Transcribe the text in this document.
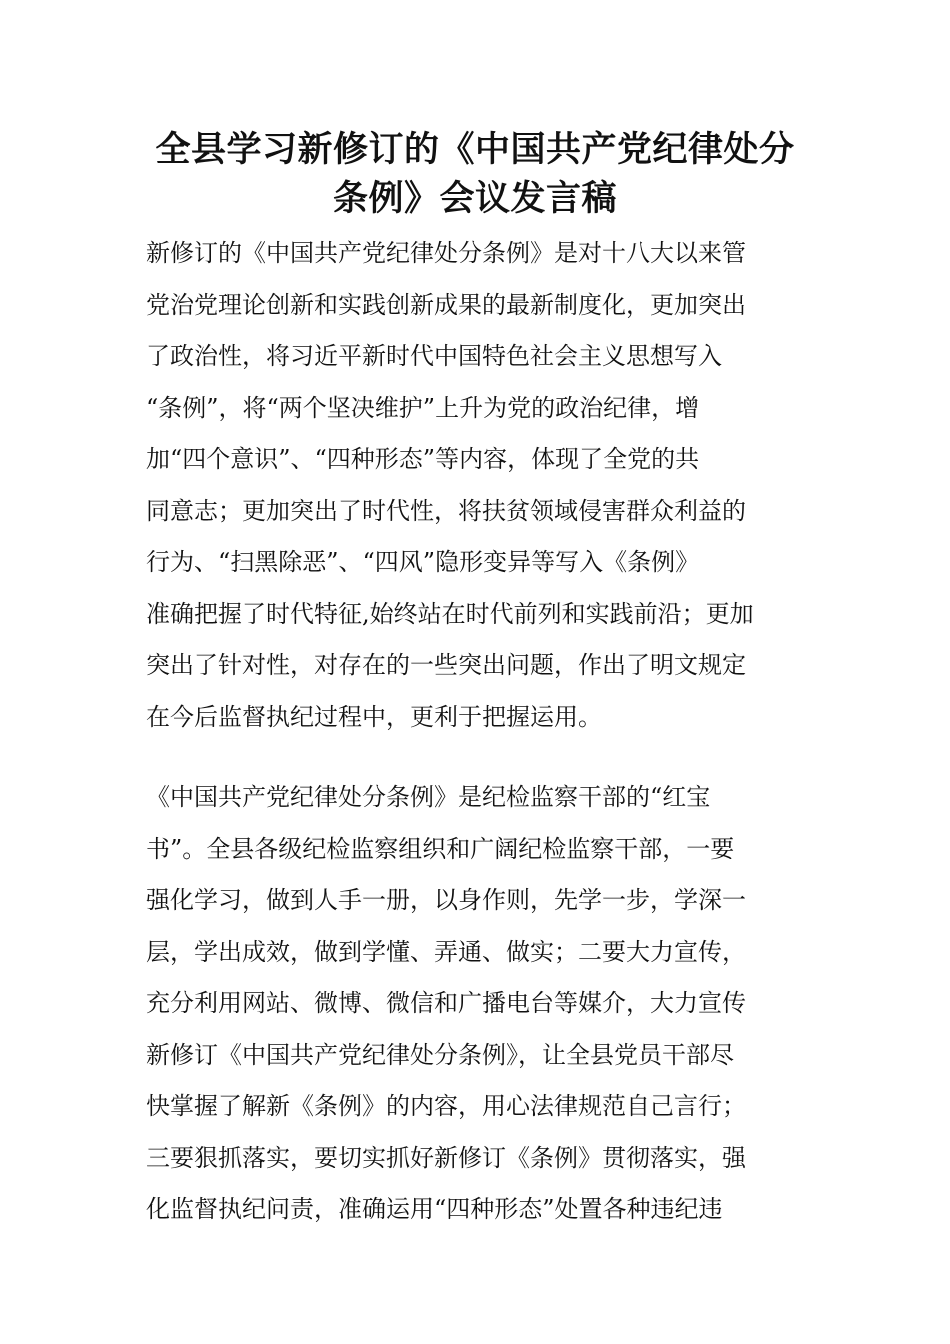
全县学习新修订的《中国共产党纪律处分
条例》会议发言稿
新修订的《中国共产党纪律处分条例》是对十八大以来管
党治党理论创新和实践创新成果的最新制度化，更加突出
了政治性，将习近平新时代中国特色社会主义思想写入
“条例”，将“两个坚决维护”上升为党的政治纪律，增
加“四个意识”、“四种形态”等内容，体现了全党的共
同意志；更加突出了时代性，将扶贫领域侵害群众利益的
行为、“扫黑除恶”、“四风”隐形变异等写入《条例》
准确把握了时代特征,始终站在时代前列和实践前沿；更加
突出了针对性，对存在的一些突出问题，作出了明文规定
在今后监督执纪过程中，更利于把握运用。
《中国共产党纪律处分条例》是纪检监察干部的“红宝
书”。全县各级纪检监察组织和广阔纪检监察干部，一要
强化学习，做到人手一册，以身作则，先学一步，学深一
层，学出成效，做到学懂、弄通、做实；二要大力宣传，
充分利用网站、微博、微信和广播电台等媒介，大力宣传
新修订《中国共产党纪律处分条例》，让全县党员干部尽
快掌握了解新《条例》的内容，用心法律规范自己言行；
三要狠抓落实，要切实抓好新修订《条例》贯彻落实，强
化监督执纪问责，准确运用“四种形态”处置各种违纪违
